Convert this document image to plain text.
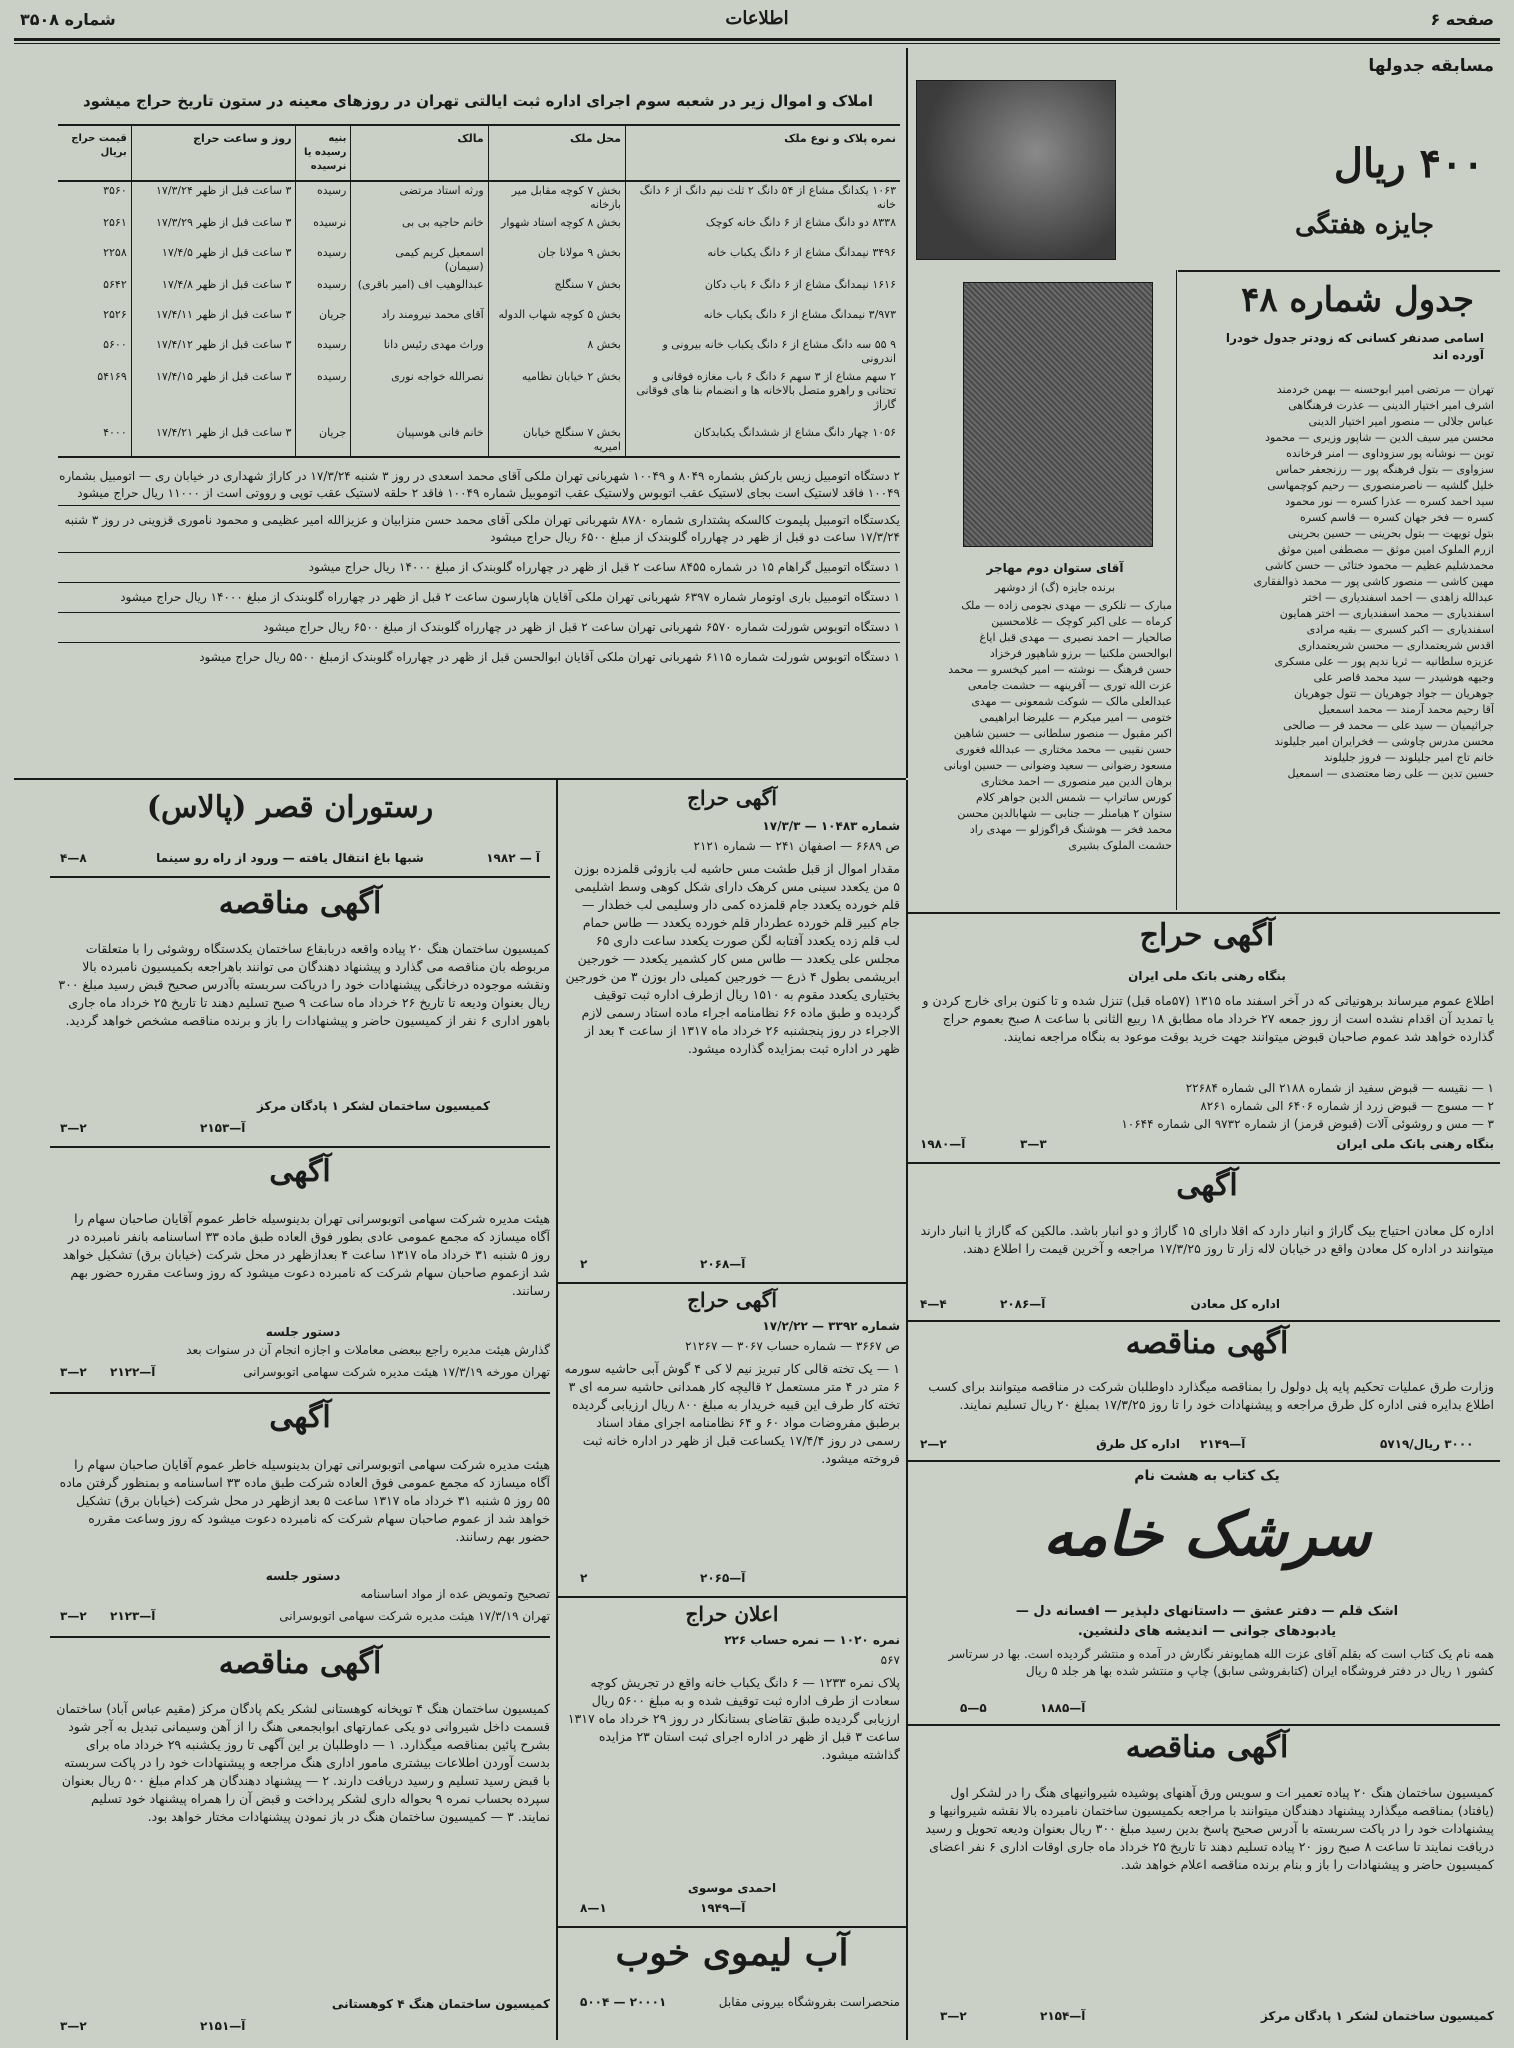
صفحه ۶
اطلاعات
شماره ۳۵۰۸
املاک و اموال زیر در شعبه سوم اجرای اداره ثبت ایالتی تهران در روزهای معینه در ستون تاریخ حراج میشود
نمره پلاک و نوع ملک	محل ملک	مالک	بنیه رسیده یا نرسیده	روز و ساعت حراج	قیمت حراج بریال
۱۰۶۳ یکدانگ مشاع از ۵۴ دانگ ۲ ثلث نیم دانگ از ۶ دانگ خانه	بخش ۷ کوچه مقابل میر بازخانه	ورثه استاد مرتضی	رسیده	۳ ساعت قبل از ظهر ۱۷/۳/۲۴	۳۵۶۰
۸۳۳۸ دو دانگ مشاع از ۶ دانگ خانه کوچک	بخش ۸ کوچه استاد شهوار	خانم حاجیه بی بی	نرسیده	۳ ساعت قبل از ظهر ۱۷/۳/۲۹	۲۵۶۱
۳۴۹۶ نیمدانگ مشاع از ۶ دانگ یکباب خانه	بخش ۹ مولانا جان	اسمعیل کریم کیمی (سیمان)	رسیده	۳ ساعت قبل از ظهر ۱۷/۴/۵	۲۲۵۸
۱۶۱۶ نیمدانگ مشاع از ۶ دانگ ۶ باب دکان	بخش ۷ سنگلج	عبدالوهیب اف (امیر باقری)	رسیده	۳ ساعت قبل از ظهر ۱۷/۴/۸	۵۶۴۲
۳/۹۷۳ نیمدانگ مشاع از ۶ دانگ یکباب خانه	بخش ۵ کوچه شهاب الدوله	آقای محمد نیرومند راد	جریان	۳ ساعت قبل از ظهر ۱۷/۴/۱۱	۲۵۲۶
۹ ۵۵ سه دانگ مشاع از ۶ دانگ یکباب خانه بیرونی و اندرونی	بخش ۸	وراث مهدی رئیس دانا	رسیده	۳ ساعت قبل از ظهر ۱۷/۴/۱۲	۵۶۰۰
۲ سهم مشاع از ۳ سهم ۶ دانگ ۶ باب مغازه فوقانی و تحتانی و راهرو متصل بالاخانه ها و انضمام بنا های فوقانی گاراژ	بخش ۲ خیابان نظامیه	نصرالله خواجه نوری	رسیده	۳ ساعت قبل از ظهر ۱۷/۴/۱۵	۵۴۱۶۹
۱۰۵۶ چهار دانگ مشاع از ششدانگ یکبابدکان	بخش ۷ سنگلج خیابان امیریه	خانم فانی هوسپیان	جریان	۳ ساعت قبل از ظهر ۱۷/۴/۲۱	۴۰۰۰
۲ دستگاه اتومبیل زیس بارکش بشماره ۸۰۴۹ و ۱۰۰۴۹ شهربانی تهران ملکی آقای محمد اسعدی در روز ۳ شنبه ۱۷/۳/۲۴ در کاراژ شهداری در خیابان ری — اتومبیل بشماره ۱۰۰۴۹ فاقد لاستیک است بجای لاستیک عقب اتوبوس ولاستیک عقب اتوموبیل شماره ۱۰۰۴۹ فاقد ۲ حلقه لاستیک عقب توپی و رووتی است از ۱۱۰۰۰ ریال حراج میشود
یکدستگاه اتومبیل پلیموت کالسکه پشتداری شماره ۸۷۸۰ شهربانی تهران ملکی آقای محمد حسن منزابیان و عزیزالله امیر عظیمی و محمود ناموری قزوینی در روز ۳ شنبه ۱۷/۳/۲۴ ساعت دو قبل از ظهر در چهارراه گلوبندک از مبلغ ۶۵۰۰ ریال حراج میشود
۱ دستگاه اتومبیل گراهام ۱۵ در شماره ۸۴۵۵ ساعت ۲ قبل از ظهر در چهارراه گلوبندک از مبلغ ۱۴۰۰۰ ریال حراج میشود
۱ دستگاه اتومبیل باری اوتومار شماره ۶۳۹۷ شهربانی تهران ملکی آقایان هاپارسون ساعت ۲ قبل از ظهر در چهارراه گلوبندک از مبلغ ۱۴۰۰۰ ریال حراج میشود
۱ دستگاه اتوبوس شورلت شماره ۶۵۷۰ شهربانی تهران ساعت ۲ قبل از ظهر در چهارراه گلوبندک از مبلغ ۶۵۰۰ ریال حراج میشود
۱ دستگاه اتوبوس شورلت شماره ۶۱۱۵ شهربانی تهران ملکی آقایان ابوالحسن قبل از ظهر در چهارراه گلوبندک ازمبلغ ۵۵۰۰ ریال حراج میشود
مسابقه جدولها
۴۰۰ ریال
جایزه هفتگی
جدول شماره ۴۸
اسامی صدنفر کسانی که زودتر جدول خودرا آورده اند
تهران — مرتضی امیر ابوحسنه — بهمن خردمند
اشرف امیر اختیار الدینی — عذرت فرهنگاهی
عباس جلالی — منصور امیر اختیار الدینی
محسن میر سیف الدین — شاپور وزیری — محمود
توبن — نوشانه پور سزوداوی — امنر فرخانده
سزواوی — بتول فرهنگه پور — رزنجعفر حماس
خلیل گلشیه — ناصرمنصوری — رحیم کوچمهاسی
سید احمد کسره — عذرا کسره — نور محمود
کسره — فخر جهان کسره — قاسم کسره
بتول تویهت — بتول بحرینی — حسین بحرینی
ازرم الملوک امین موثق — مصطفی امین موثق
محمدشلیم عظیم — محمود ختائی — حسن کاشی
مهین کاشی — منصور کاشی پور — محمد ذوالفقاری
عبدالله زاهدی — احمد اسفندیاری — اختر
اسفندیاری — محمد اسفندیاری — اختر همایون
اسفندیاری — اکبر کسبری — بقیه مرادی
اقدس شریعتمداری — محسن شریعتمداری
عزیزه سلطانیه — ثریا ندیم پور — علی مسکری
وجیهه هوشیدر — سید محمد قاصر علی
جوهریان — جواد جوهریان — تتول جوهریان
آقا رحیم محمد آرمند — محمد اسمعیل
جراثیمیان — سید علی — محمد فر — صالحی
محسن مدرس چاوشی — فخرایران امیر جلیلوند
خانم تاج امیر جلیلوند — فروز جلیلوند
حسین تدین — علی رضا معتضدی — اسمعیل
آقای ستوان دوم مهاجر
برنده جایزه (گ) از دوشهر
مبارک — تلکری — مهدی نجومی زاده — ملک
کرماه — علی اکبر کوچک — غلامحسین
صالحیار — احمد نصیری — مهدی قبل ایاغ
ابوالحسن ملکنیا — برزو شاهپور فرخزاد
حسن فرهنگ — نوشته — امیر کیخسرو — محمد
عزت الله توری — آفرینهه — حشمت جامعی
عبدالعلی مالک — شوکت شمعونی — مهدی
ختومی — امیر میکرم — علیرضا ابراهیمی
اکبر مقبول — منصور سلطانی — حسین شاهین
حسن نقیبی — محمد مختاری — عبدالله فغوری
مسعود رضوانی — سعید وضوانی — حسین اوبانی
برهان الدین میر منصوری — احمد مختاری
کورس ساتراپ — شمس الدین جواهر کلام
ستوان ۲ هبامنلر — جنابی — شهابالدین محسن
محمد فخر — هوشنگ قراگوزلو — مهدی راد
حشمت الملوک بشیری
رستوران قصر (پالاس)
شبها باغ انتقال یافته — ورود از راه رو سینما	آ — ۱۹۸۲
۸—۴
آگهی مناقصه
کمیسیون ساختمان هنگ ۲۰ پیاده واقعه دربابقاع ساختمان یکدستگاه روشوئی را با متعلقات مربوطه بان مناقصه می گذارد و پیشنهاد دهندگان می توانند باهراجعه بکمیسیون نامبرده بالا ونقشه موجوده درخانگی پیشنهادات خود را دریاکت سربسته باآدرس صحیح قبض رسید مبلغ ۳۰۰ ریال بعنوان ودیعه تا تاریخ ۲۶ خرداد ماه ساعت ۹ صبح تسلیم دهند تا تاریخ ۲۵ خرداد ماه جاری باهور اداری ۶ نفر از کمیسیون حاضر و پیشنهادات را باز و برنده مناقصه مشخص خواهد گردید.
کمیسیون ساختمان لشکر ۱ پادگان مرکز
آ—۲۱۵۳
۲—۳
آگهی
هیئت مدیره شرکت سهامی اتوبوسرانی تهران بدینوسیله خاطر عموم آقایان صاحبان سهام را آگاه میسازد که مجمع عمومی عادی بطور فوق العاده طبق ماده ۳۳ اساسنامه بانفر نامبرده در روز ۵ شنبه ۳۱ خرداد ماه ۱۳۱۷ ساعت ۴ بعدازظهر در محل شرکت (خیابان برق) تشکیل خواهد شد ازعموم صاحبان سهام شرکت که نامبرده دعوت میشود که روز وساعت مقرره حضور بهم رسانند.
دستور جلسه
گذارش هیئت مدیره راجع ببعضی معاملات و اجازه انجام آن در سنوات بعد
تهران مورخه ۱۷/۳/۱۹ هیئت مدیره شرکت سهامی اتوبوسرانی
آ—۲۱۲۲
۲—۳
آگهی
هیئت مدیره شرکت سهامی اتوبوسرانی تهران بدینوسیله خاطر عموم آقایان صاحبان سهام را آگاه میسازد که مجمع عمومی فوق العاده شرکت طبق ماده ۳۳ اساسنامه و بمنظور گرفتن ماده ۵۵ روز ۵ شنبه ۳۱ خرداد ماه ۱۳۱۷ ساعت ۵ بعد ازظهر در محل شرکت (خیابان برق) تشکیل خواهد شد از عموم صاحبان سهام شرکت که نامبرده دعوت میشود که روز وساعت مقرره حضور بهم رسانند.
دستور جلسه
تصحیح وتمویض عده از مواد اساسنامه
تهران ۱۷/۳/۱۹ هیئت مدیره شرکت سهامی اتوبوسرانی
آ—۲۱۲۳
۲—۳
آگهی مناقصه
کمیسیون ساختمان هنگ ۴ توپخانه کوهستانی لشکر یکم پادگان مرکز (مقیم عباس آباد) ساختمان قسمت داخل شیروانی دو یکی عمارتهای ابوابجمعی هنگ را از آهن وسیمانی تبدیل به آجر شود بشرح پائین بمناقصه میگذارد. ۱ — داوطلبان بر این آگهی تا روز یکشنبه ۲۹ خرداد ماه برای بدست آوردن اطلاعات بیشتری مامور اداری هنگ مراجعه و پیشنهادات خود را در پاکت سربسته با قبض رسید تسلیم و رسید دریافت دارند. ۲ — پیشنهاد دهندگان هر کدام مبلغ ۵۰۰ ریال بعنوان سپرده بحساب نمره ۹ بحواله داری لشکر پرداخت و قبض آن را همراه پیشنهاد خود تسلیم نمایند. ۳ — کمیسیون ساختمان هنگ در باز نمودن پیشنهادات مختار خواهد بود.
کمیسیون ساختمان هنگ ۴ کوهستانی
آ—۲۱۵۱
۲—۳
آگهی حراج
شماره ۱۰۴۸۳ — ۱۷/۳/۳
ص ۶۶۸۹ — اصفهان ۲۴۱ — شماره ۲۱۲۱
مقدار اموال از قبل طشت مس حاشیه لب بازوئی قلمزده بوزن ۵ من یکعدد سینی مس کرهک دارای شکل کوهی وسط اشلیمی قلم خورده یکعدد جام قلمزده کمی دار وسلیمی لب خطدار — جام کبیر قلم خورده عطردار قلم خورده یکعدد — طاس حمام لب قلم زده یکعدد آفتابه لگن صورت یکعدد ساعت داری ۶۵ مجلس علی یکعدد — طاس مس کار کشمیر یکعدد — خورجین ابریشمی بطول ۴ ذرع — خورجین کمیلی دار بوزن ۳ من خورجین بختیاری یکعدد مقوم به ۱۵۱۰ ریال ازطرف اداره ثبت توقیف گردیده و طبق ماده ۶۶ نظامنامه اجراء ماده استاد رسمی لازم الاجراء در روز پنجشنبه ۲۶ خرداد ماه ۱۳۱۷ از ساعت ۴ بعد از ظهر در اداره ثبت بمزایده گذارده میشود.
آ—۲۰۶۸
۲
آگهی حراج
شماره ۳۳۹۲ — ۱۷/۲/۲۲
ص ۳۶۶۷ — شماره حساب ۳۰۶۷ — ۲۱۲۶۷
۱ — یک تخته قالی کار تبریز نیم لا کی ۴ گوش آبی حاشیه سورمه ۶ متر در ۴ متر مستعمل ۲ قالیچه کار همدانی حاشیه سرمه ای ۳ تخته کار طرف این قبیه خریدار به مبلغ ۸۰۰ ریال ارزیابی گردیده برطبق مفروضات مواد ۶۰ و ۶۴ نظامنامه اجرای مفاد اسناد رسمی در روز ۱۷/۴/۴ یکساعت قبل از ظهر در اداره خانه ثبت فروخته میشود.
آ—۲۰۶۵
۲
اعلان حراج
نمره ۱۰۲۰ — نمره حساب ۲۲۶
۵۶۷
پلاک نمره ۱۲۳۳ — ۶ دانگ یکباب خانه واقع در تجریش کوچه سعادت از طرف اداره ثبت توقیف شده و به مبلغ ۵۶۰۰ ریال ارزیابی گردیده طبق تقاضای بستانکار در روز ۲۹ خرداد ماه ۱۳۱۷ ساعت ۳ قبل از ظهر در اداره اجرای ثبت استان ۲۳ مزایده گذاشته میشود.
احمدی موسوی
آ—۱۹۴۹
۱—۸
آب لیموی خوب
منحصراست بفروشگاه بیرونی مقابل
۲۰۰۰۱ — ۵۰۰۴
آگهی حراج
بنگاه رهنی بانک ملی ایران
اطلاع عموم میرساند برهونیاتی که در آخر اسفند ماه ۱۳۱۵ (۵۷ماه قبل) تنزل شده و تا کنون برای خارج کردن و یا تمدید آن اقدام نشده است از روز جمعه ۲۷ خرداد ماه مطابق ۱۸ ربیع الثانی با ساعت ۸ صبح بعموم حراج گذارده خواهد شد عموم صاحبان قبوض میتوانند جهت خرید بوقت موعود به بنگاه مراجعه نمایند.
۱ — نقیسه — قبوض سفید از شماره ۲۱۸۸ الی شماره ۲۲۶۸۴
۲ — مسوج — قبوض زرد از شماره ۶۴۰۶ الی شماره ۸۲۶۱
۳ — مس و روشوئی آلات (قبوض قرمز) از شماره ۹۷۳۲ الی شماره ۱۰۶۴۴
بنگاه رهنی بانک ملی ایران
۳—۳
آ—۱۹۸۰
آگهی
اداره کل معادن احتیاج بیک گاراژ و انبار دارد که اقلا دارای ۱۵ گاراژ و دو انبار باشد. مالکین که گاراژ یا انبار دارند میتوانند در اداره کل معادن واقع در خیابان لاله زار تا روز ۱۷/۳/۲۵ مراجعه و آخرین قیمت را اطلاع دهند.
اداره کل معادن
آ—۲۰۸۶
۴—۴
آگهی مناقصه
وزارت طرق عملیات تحکیم پایه پل دولول را بمناقصه میگذارد داوطلبان شرکت در مناقصه میتوانند برای کسب اطلاع بدایره فنی اداره کل طرق مراجعه و پیشنهادات خود را تا روز ۱۷/۳/۲۵ بمبلغ ۲۰ ریال تسلیم نمایند.
اداره کل طرق	۳۰۰۰ ریال/۵۷۱۹
آ—۲۱۴۹
۲—۲
یک کتاب به هشت نام
سرشک خامه
اشک قلم — دفتر عشق — داستانهای دلپذیر — افسانه دل —
یادبودهای جوانی — اندیشه های دلنشین.
همه نام یک کتاب است که بقلم آقای عزت الله همایونفر نگارش در آمده و منتشر گردیده است. بها در سرتاسر کشور ۱ ریال در دفتر فروشگاه ایران (کتابفروشی سابق) چاپ و منتشر شده بها هر جلد ۵ ریال
آ—۱۸۸۵
۵—۵
آگهی مناقصه
کمیسیون ساختمان هنگ ۲۰ پیاده تعمیر ات و سویس ورق آهنهای پوشیده شیروانیهای هنگ را در لشکر اول (یافتاد) بمناقصه میگذارد پیشنهاد دهندگان میتوانند با مراجعه بکمیسیون ساختمان نامبرده بالا نقشه شیروانیها و پیشنهادات خود را در پاکت سربسته با آدرس صحیح پاسخ بدین رسید مبلغ ۳۰۰ ریال بعنوان ودیعه تحویل و رسید دریافت نمایند تا ساعت ۸ صبح روز ۲۰ پیاده تسلیم دهند تا تاریخ ۲۵ خرداد ماه جاری اوقات اداری ۶ نفر اعضای کمیسیون حاضر و پیشنهادات را باز و بنام برنده مناقصه اعلام خواهد شد.
کمیسیون ساختمان لشکر ۱ پادگان مرکز
آ—۲۱۵۴
۲—۳
